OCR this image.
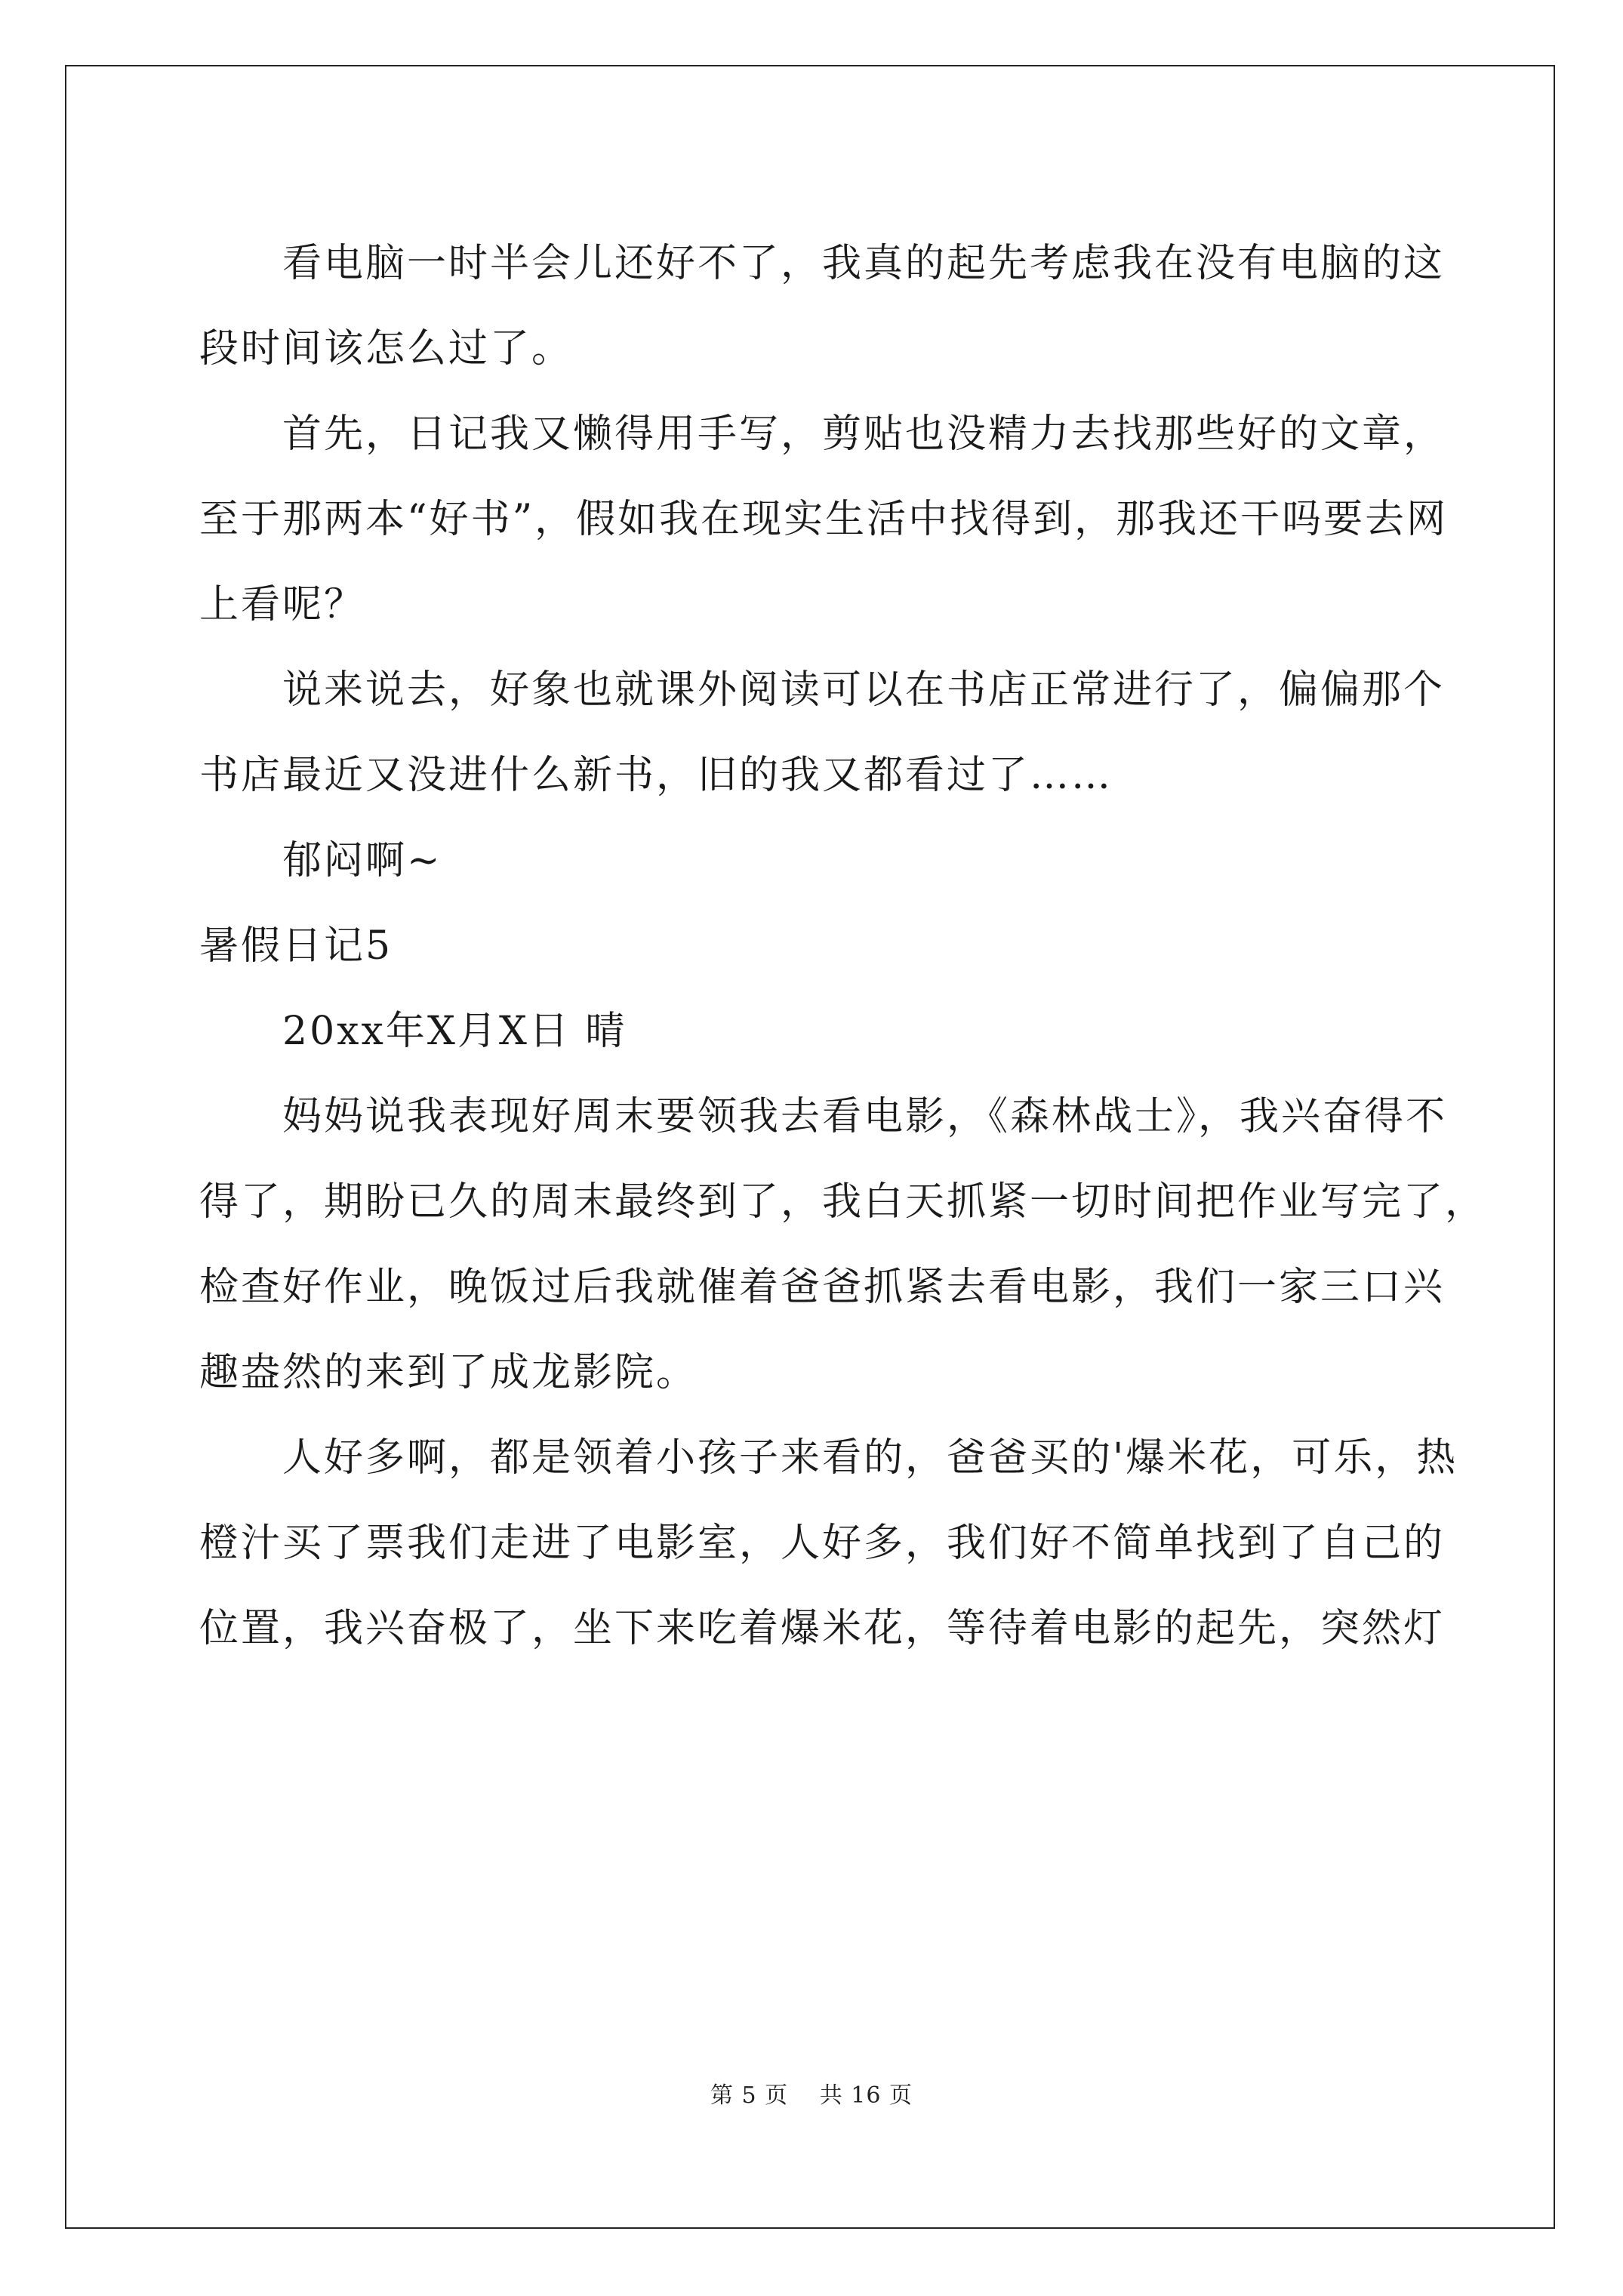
看电脑一时半会儿还好不了，我真的起先考虑我在没有电脑的这
段时间该怎么过了。
首先，日记我又懒得用手写，剪贴也没精力去找那些好的文章，
至于那两本“好书”，假如我在现实生活中找得到，那我还干吗要去网
上看呢？
说来说去，好象也就课外阅读可以在书店正常进行了，偏偏那个
书店最近又没进什么新书，旧的我又都看过了……
郁闷啊~
暑假日记5
20xx年X月X日 晴
妈妈说我表现好周末要领我去看电影，《森林战士》，我兴奋得不
得了，期盼已久的周末最终到了，我白天抓紧一切时间把作业写完了，
检查好作业，晚饭过后我就催着爸爸抓紧去看电影，我们一家三口兴
趣盎然的来到了成龙影院。
人好多啊，都是领着小孩子来看的，爸爸买的'爆米花，可乐，热
橙汁买了票我们走进了电影室，人好多，我们好不简单找到了自己的
位置，我兴奋极了，坐下来吃着爆米花，等待着电影的起先，突然灯
第 5 页　 共 16 页
